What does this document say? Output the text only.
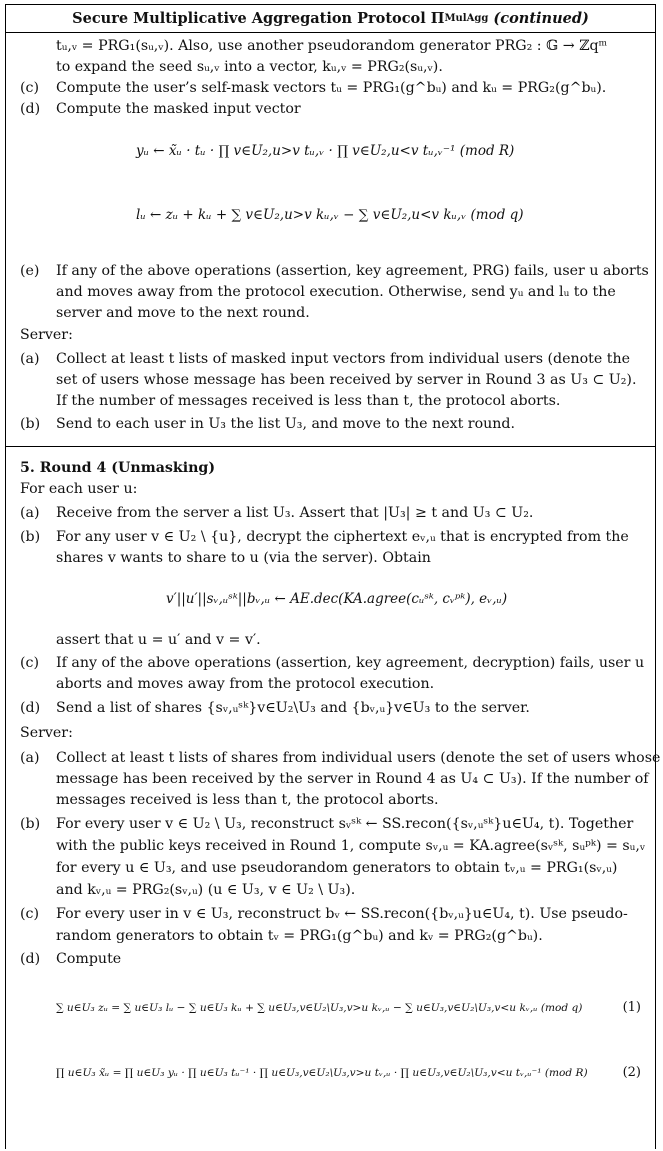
Secure Multiplicative Aggregation Protocol Π MulAgg
(continued)
tᵤ,ᵥ = PRG₁(sᵤ,ᵥ). Also, use another pseudorandom generator PRG₂ : 𝔾 → ℤqᵐ
to expand the seed sᵤ,ᵥ into a vector, kᵤ,ᵥ = PRG₂(sᵤ,ᵥ).
(c) Compute the user’s self-mask vectors tᵤ = PRG₁(g^bᵤ) and kᵤ = PRG₂(g^bᵤ).
(d) Compute the masked input vector
yᵤ ← x̃ᵤ · tᵤ · ∏ v∈U₂,u>v tᵤ,ᵥ · ∏ v∈U₂,u<v tᵤ,ᵥ⁻¹ (mod R)
lᵤ ← zᵤ + kᵤ + ∑ v∈U₂,u>v kᵤ,ᵥ − ∑ v∈U₂,u<v kᵤ,ᵥ (mod q)
(e) If any of the above operations (assertion, key agreement, PRG) fails, user u aborts
and moves away from the protocol execution. Otherwise, send yᵤ and lᵤ to the
server and move to the next round.
Server:
(a) Collect at least t lists of masked input vectors from individual users (denote the
set of users whose message has been received by server in Round 3 as U₃ ⊂ U₂).
If the number of messages received is less than t, the protocol aborts.
(b) Send to each user in U₃ the list U₃, and move to the next round.
5. Round 4 (Unmasking)
For each user u:
(a) Receive from the server a list U₃. Assert that |U₃| ≥ t and U₃ ⊂ U₂.
(b) For any user v ∈ U₂ \ {u}, decrypt the ciphertext eᵥ,ᵤ that is encrypted from the
shares v wants to share to u (via the server). Obtain
v′||u′||sᵥ,ᵤˢᵏ||bᵥ,ᵤ ← AE.dec(KA.agree(cᵤˢᵏ, cᵥᵖᵏ), eᵥ,ᵤ)
assert that u = u′ and v = v′.
(c) If any of the above operations (assertion, key agreement, decryption) fails, user u
aborts and moves away from the protocol execution.
(d) Send a list of shares {sᵥ,ᵤˢᵏ}v∈U₂\U₃ and {bᵥ,ᵤ}v∈U₃ to the server.
Server:
(a) Collect at least t lists of shares from individual users (denote the set of users whose
message has been received by the server in Round 4 as U₄ ⊂ U₃). If the number of
messages received is less than t, the protocol aborts.
(b) For every user v ∈ U₂ \ U₃, reconstruct sᵥˢᵏ ← SS.recon({sᵥ,ᵤˢᵏ}u∈U₄, t). Together
with the public keys received in Round 1, compute sᵥ,ᵤ = KA.agree(sᵥˢᵏ, sᵤᵖᵏ) = sᵤ,ᵥ
for every u ∈ U₃, and use pseudorandom generators to obtain tᵥ,ᵤ = PRG₁(sᵥ,ᵤ)
and kᵥ,ᵤ = PRG₂(sᵥ,ᵤ) (u ∈ U₃, v ∈ U₂ \ U₃).
(c) For every user in v ∈ U₃, reconstruct bᵥ ← SS.recon({bᵥ,ᵤ}u∈U₄, t). Use pseudo-
random generators to obtain tᵥ = PRG₁(g^bᵤ) and kᵥ = PRG₂(g^bᵤ).
(d) Compute
∑ u∈U₃ zᵤ = ∑ u∈U₃ lᵤ − ∑ u∈U₃ kᵤ + ∑ u∈U₃,v∈U₂\U₃,v>u kᵥ,ᵤ − ∑ u∈U₃,v∈U₂\U₃,v<u kᵥ,ᵤ (mod q)	(1)
∏ u∈U₃ x̃ᵤ = ∏ u∈U₃ yᵤ · ∏ u∈U₃ tᵤ⁻¹ · ∏ u∈U₃,v∈U₂\U₃,v>u tᵥ,ᵤ · ∏ u∈U₃,v∈U₂\U₃,v<u tᵥ,ᵤ⁻¹ (mod R)	(2)
